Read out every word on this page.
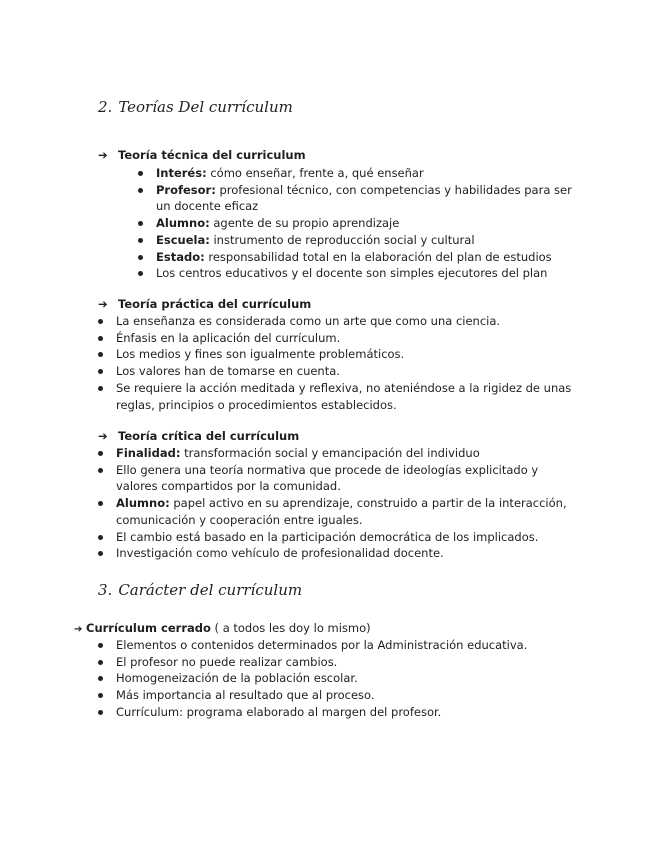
2. Teorías Del currículum
➔ Teoría técnica del curriculum
Interés: cómo enseñar, frente a, qué enseñar
Profesor: profesional técnico, con competencias y habilidades para ser un docente eficaz
Alumno: agente de su propio aprendizaje
Escuela: instrumento de reproducción social y cultural
Estado: responsabilidad total en la elaboración del plan de estudios
Los centros educativos y el docente son simples ejecutores del plan
➔ Teoría práctica del currículum
La enseñanza es considerada como un arte que como una ciencia.
Énfasis en la aplicación del currículum.
Los medios y fines son igualmente problemáticos.
Los valores han de tomarse en cuenta.
Se requiere la acción meditada y reflexiva, no ateniéndose a la rigidez de unas reglas, principios o procedimientos establecidos.
➔ Teoría crítica del currículum
Finalidad: transformación social y emancipación del individuo
Ello genera una teoría normativa que procede de ideologías explicitado y valores compartidos por la comunidad.
Alumno: papel activo en su aprendizaje, construido a partir de la interacción, comunicación y cooperación entre iguales.
El cambio está basado en la participación democrática de los implicados.
Investigación como vehículo de profesionalidad docente.
3. Carácter del currículum
➔ Currículum cerrado ( a todos les doy lo mismo)
Elementos o contenidos determinados por la Administración educativa.
El profesor no puede realizar cambios.
Homogeneización de la población escolar.
Más importancia al resultado que al proceso.
Currículum: programa elaborado al margen del profesor.
